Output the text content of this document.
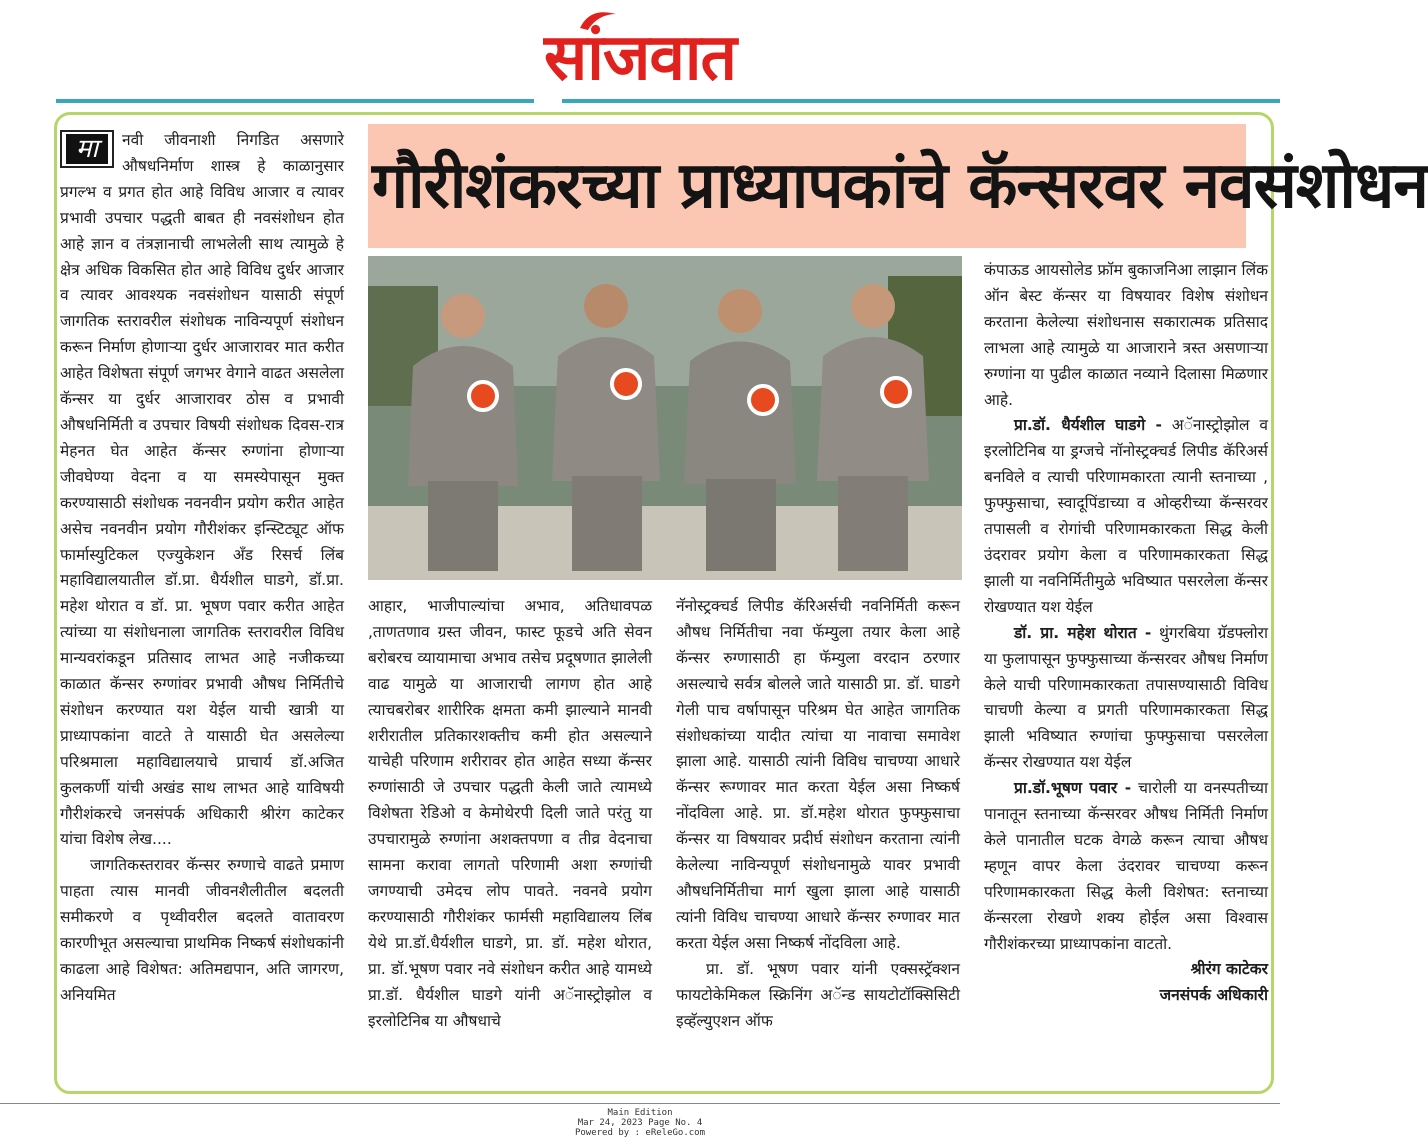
सांजवात
मा	नवी जीवनाशी निगडित असणारे औषधनिर्माण शास्त्र हे काळानुसार प्रगल्भ व प्रगत होत आहे विविध आजार व त्यावर प्रभावी उपचार पद्धती बाबत ही नवसंशोधन होत आहे ज्ञान व तंत्रज्ञानाची लाभलेली साथ त्यामुळे हे क्षेत्र अधिक विकसित होत आहे विविध दुर्धर आजार व त्यावर आवश्यक नवसंशोधन यासाठी संपूर्ण जागतिक स्तरावरील संशोधक नाविन्यपूर्ण संशोधन करून निर्माण होणाऱ्या दुर्धर आजारावर मात करीत आहेत विशेषता संपूर्ण जगभर वेगाने वाढत असलेला कॅन्सर या दुर्धर आजारावर ठोस व प्रभावी औषधनिर्मिती व उपचार विषयी संशोधक दिवस-रात्र मेहनत घेत आहेत कॅन्सर रुग्णांना होणाऱ्या जीवघेण्या वेदना व या समस्येपासून मुक्त करण्यासाठी संशोधक नवनवीन प्रयोग करीत आहेत असेच नवनवीन प्रयोग गौरीशंकर इन्स्टिट्यूट ऑफ फार्मास्युटिकल एज्युकेशन अँड रिसर्च लिंब महाविद्यालयातील डॉ.प्रा. धैर्यशील घाडगे, डॉ.प्रा. महेश थोरात व डॉ. प्रा. भूषण पवार करीत आहेत त्यांच्या या संशोधनाला जागतिक स्तरावरील विविध मान्यवरांकडून प्रतिसाद लाभत आहे नजीकच्या काळात कॅन्सर रुग्णांवर प्रभावी औषध निर्मितीचे संशोधन करण्यात यश येईल याची खात्री या प्राध्यापकांना वाटते ते यासाठी घेत असलेल्या परिश्रमाला महाविद्यालयाचे प्राचार्य डॉ.अजित कुलकर्णी यांची अखंड साथ लाभत आहे याविषयी गौरीशंकरचे जनसंपर्क अधिकारी श्रीरंग काटेकर यांचा विशेष लेख....

जागतिकस्तरावर कॅन्सर रुग्णाचे वाढते प्रमाण पाहता त्यास मानवी जीवनशैलीतील बदलती समीकरणे व पृथ्वीवरील बदलते वातावरण कारणीभूत असल्याचा प्राथमिक निष्कर्ष संशोधकांनी काढला आहे विशेषत: अतिमद्यपान, अति जागरण, अनियमित

गौरीशंकरच्या प्राध्यापकांचे कॅन्सरवर नवसंशोधन

आहार, भाजीपाल्यांचा अभाव, अतिधावपळ ,ताणतणाव ग्रस्त जीवन, फास्ट फूडचे अति सेवन बरोबरच व्यायामाचा अभाव तसेच प्रदूषणात झालेली वाढ यामुळे या आजाराची लागण होत आहे त्याचबरोबर शारीरिक क्षमता कमी झाल्याने मानवी शरीरातील प्रतिकारशक्तीच कमी होत असल्याने याचेही परिणाम शरीरावर होत आहेत सध्या कॅन्सर रुग्णांसाठी जे उपचार पद्धती केली जाते त्यामध्ये विशेषता रेडिओ व केमोथेरपी दिली जाते परंतु या उपचारामुळे रुग्णांना अशक्तपणा व तीव्र वेदनाचा सामना करावा लागतो परिणामी अशा रुग्णांची जगण्याची उमेदच लोप पावते. नवनवे प्रयोग करण्यासाठी गौरीशंकर फार्मसी महाविद्यालय लिंब येथे प्रा.डॉ.धैर्यशील घाडगे, प्रा. डॉ. महेश थोरात, प्रा. डॉ.भूषण पवार नवे संशोधन करीत आहे यामध्ये प्रा.डॉ. धैर्यशील घाडगे यांनी अॅनास्ट्रोझोल व इरलोटिनिब या औषधाचे

नॅनोस्ट्रक्चर्ड लिपीड कॅरिअर्सची नवनिर्मिती करून औषध निर्मितीचा नवा फॅम्युला तयार केला आहे कॅन्सर रुग्णासाठी हा फॅम्युला वरदान ठरणार असल्याचे सर्वत्र बोलले जाते यासाठी प्रा. डॉ. घाडगे गेली पाच वर्षापासून परिश्रम घेत आहेत जागतिक संशोधकांच्या यादीत त्यांचा या नावाचा समावेश झाला आहे. यासाठी त्यांनी विविध चाचण्या आधारे कॅन्सर रूग्णावर मात करता येईल असा निष्कर्ष नोंदविला आहे. प्रा. डॉ.महेश थोरात फुफ्फुसाचा कॅन्सर या विषयावर प्रदीर्घ संशोधन करताना त्यांनी केलेल्या नाविन्यपूर्ण संशोधनामुळे यावर प्रभावी औषधनिर्मितीचा मार्ग खुला झाला आहे यासाठी त्यांनी विविध चाचण्या आधारे कॅन्सर रुग्णावर मात करता येईल असा निष्कर्ष नोंदविला आहे.

प्रा. डॉ. भूषण पवार यांनी एक्सस्ट्रॅक्शन फायटोकेमिकल स्क्रिनिंग अॅन्ड सायटोटॉक्सिसिटी इव्हॅल्युएशन ऑफ

कंपाऊड आयसोलेड फ्रॉम बुकाजनिआ लाझान लिंक ऑन बेस्ट कॅन्सर या विषयावर विशेष संशोधन करताना केलेल्या संशोधनास सकारात्मक प्रतिसाद लाभला आहे त्यामुळे या आजाराने त्रस्त असणाऱ्या रुग्णांना या पुढील काळात नव्याने दिलासा मिळणार आहे.

प्रा.डॉ. धैर्यशील घाडगे - अॅनास्ट्रोझोल व इरलोटिनिब या ड्रग्जचे नॉनोस्ट्रक्चर्ड लिपीड कॅरिअर्स बनविले व त्याची परिणामकारता त्यानी स्तनाच्या , फुफ्फुसाचा, स्वादूपिंडाच्या व ओव्हरीच्या कॅन्सरवर तपासली व रोगांची परिणामकारकता सिद्ध केली उंदरावर प्रयोग केला व परिणामकारकता सिद्ध झाली या नवनिर्मितीमुळे भविष्यात पसरलेला कॅन्सर रोखण्यात यश येईल

डॉ. प्रा. महेश थोरात - थुंगरबिया ग्रॅडफ्लोरा या फुलापासून फुफ्फुसाच्या कॅन्सरवर औषध निर्माण केले याची परिणामकारकता तपासण्यासाठी विविध चाचणी केल्या व प्रगती परिणामकारकता सिद्ध झाली भविष्यात रुग्णांचा फुफ्फुसाचा पसरलेला कॅन्सर रोखण्यात यश येईल

प्रा.डॉ.भूषण पवार - चारोली या वनस्पतीच्या पानातून स्तनाच्या कॅन्सरवर औषध निर्मिती निर्माण केले पानातील घटक वेगळे करून त्याचा औषध म्हणून वापर केला उंदरावर चाचण्या करून परिणामकारकता सिद्ध केली विशेषत: स्तनाच्या कॅन्सरला रोखणे शक्य होईल असा विश्वास गौरीशंकरच्या प्राध्यापकांना वाटतो.

श्रीरंग काटेकर

जनसंपर्क अधिकारी

Main Edition
Mar 24, 2023 Page No. 4
Powered by : eReleGo.com
